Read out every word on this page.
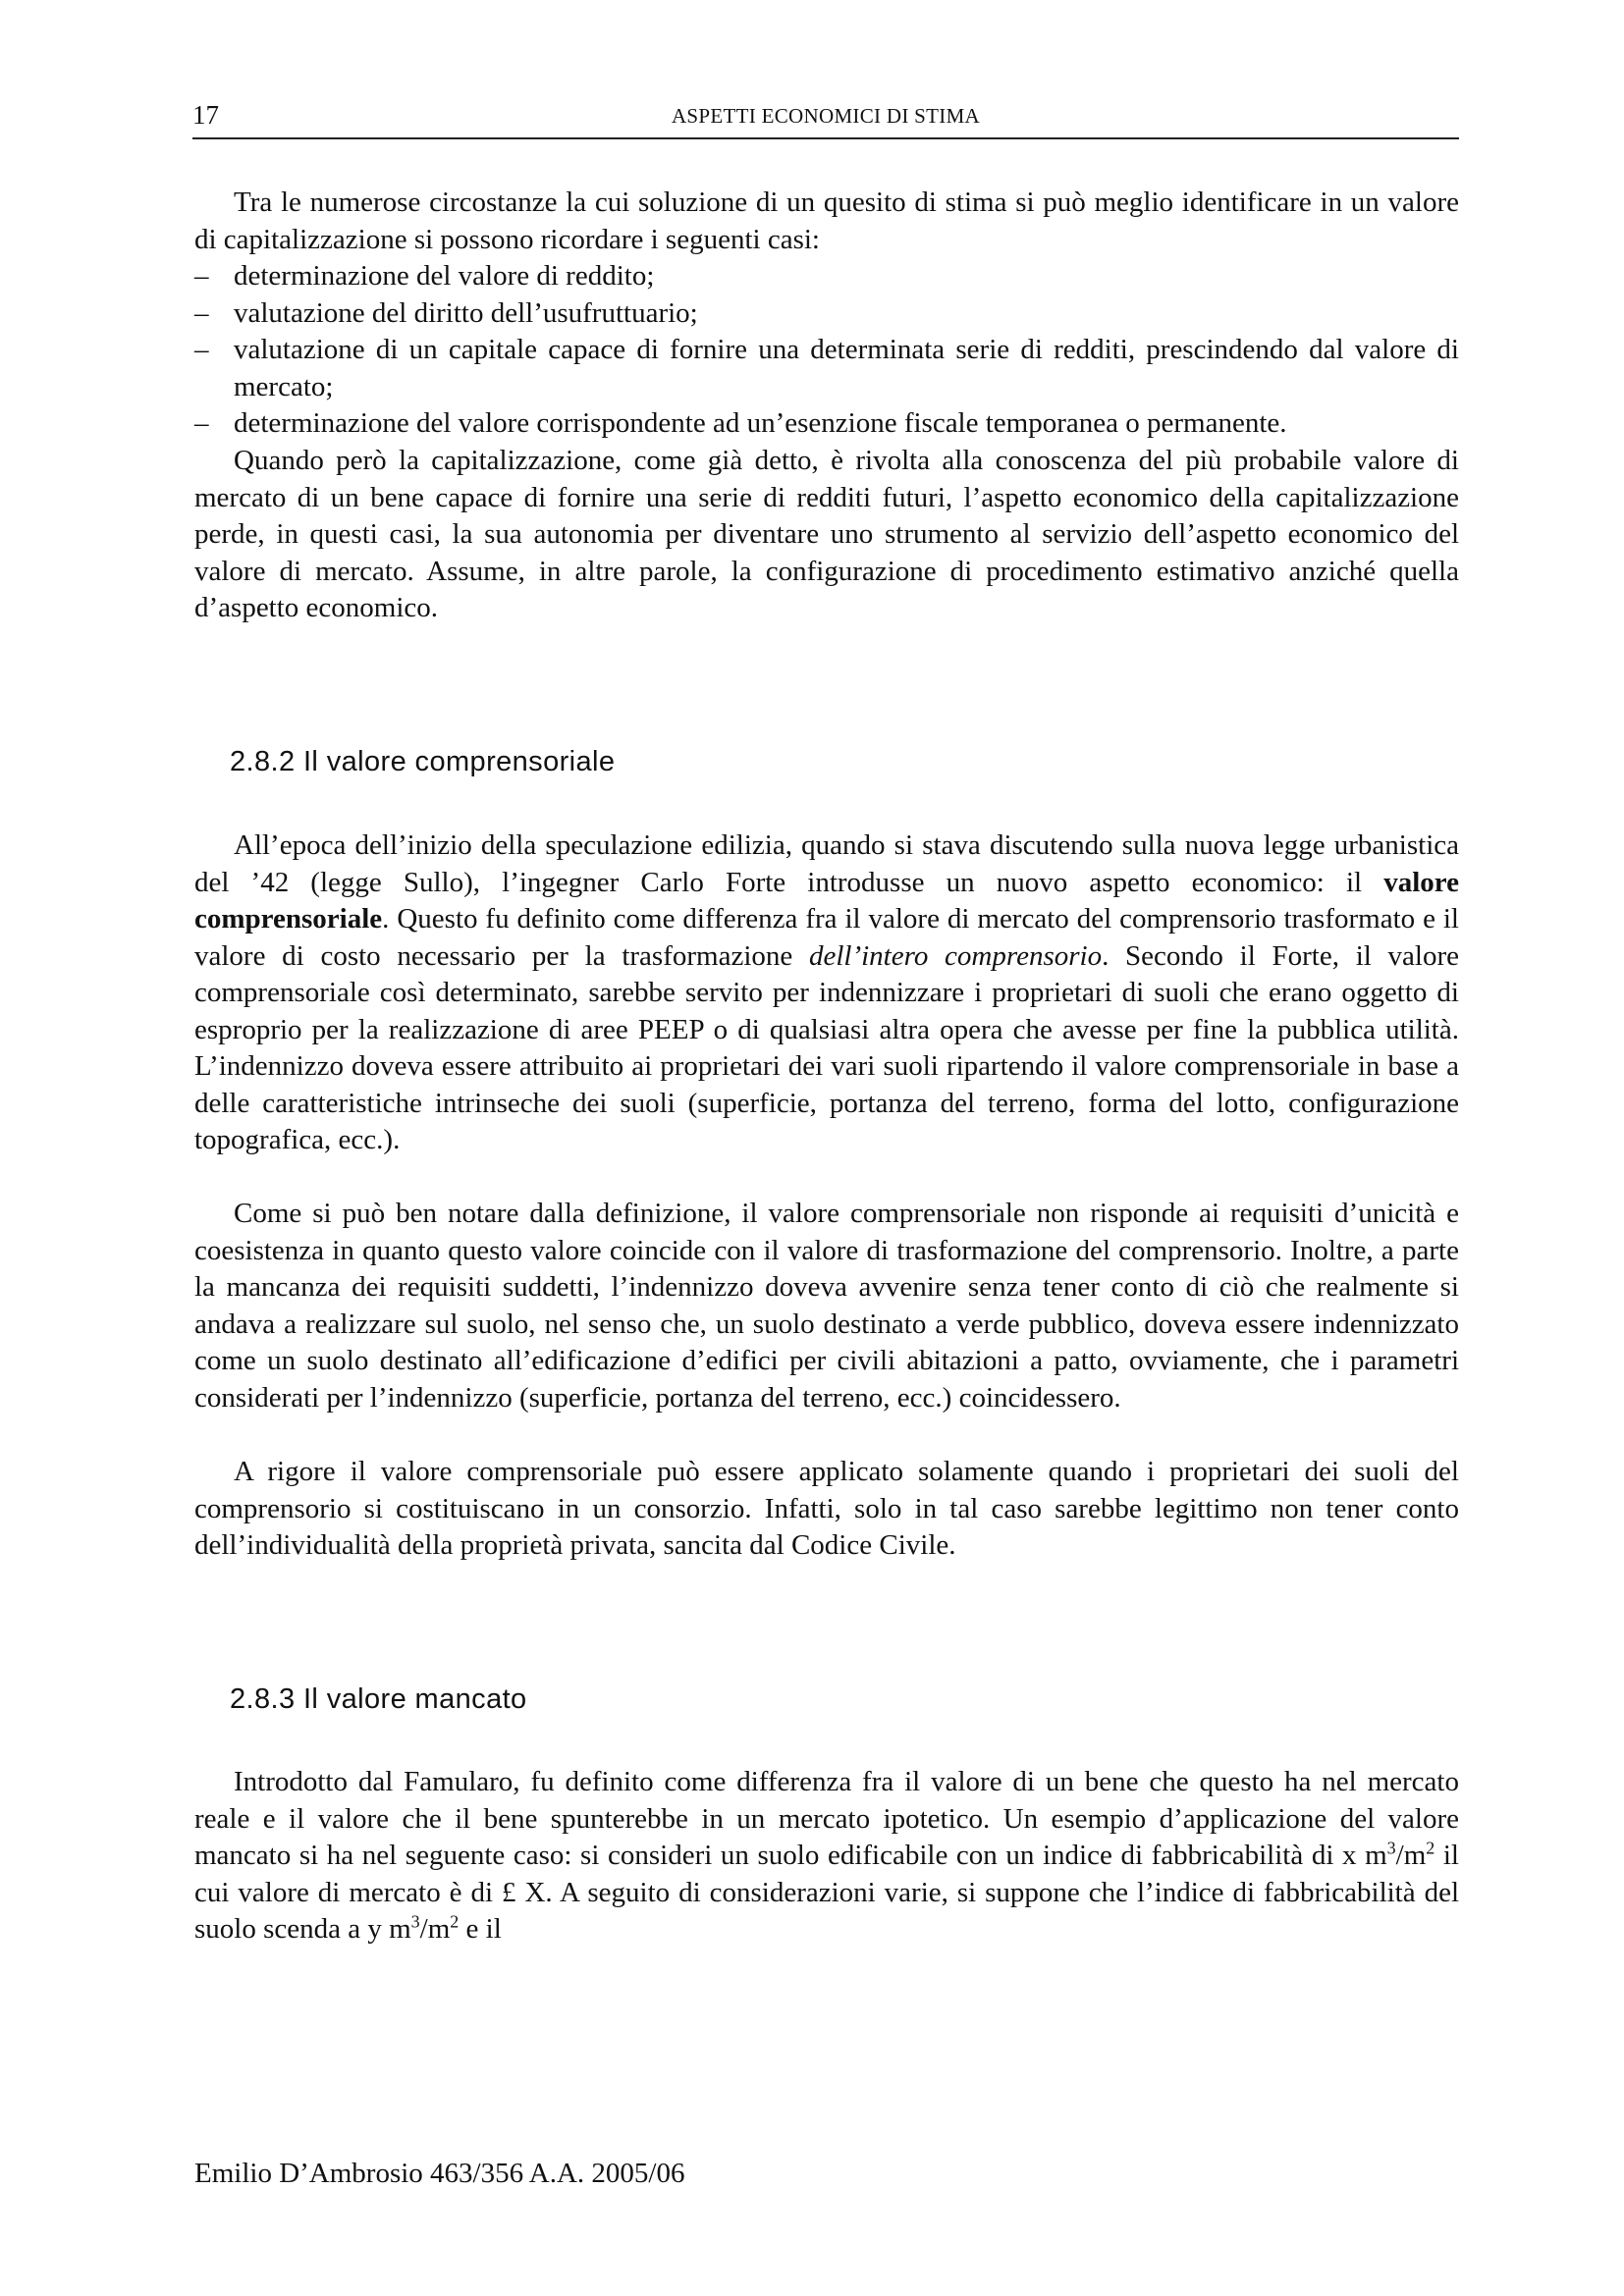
17	ASPETTI ECONOMICI DI STIMA

Tra le numerose circostanze la cui soluzione di un quesito di stima si può meglio identificare in un valore di capitalizzazione si possono ricordare i seguenti casi:

– determinazione del valore di reddito;
– valutazione del diritto dell’usufruttuario;
– valutazione di un capitale capace di fornire una determinata serie di redditi, prescindendo dal valore di mercato;
– determinazione del valore corrispondente ad un’esenzione fiscale temporanea o permanente.

Quando però la capitalizzazione, come già detto, è rivolta alla conoscenza del più probabile valore di mercato di un bene capace di fornire una serie di redditi futuri, l’aspetto economico della capitalizzazione perde, in questi casi, la sua autonomia per diventare uno strumento al servizio dell’aspetto economico del valore di mercato. Assume, in altre parole, la configurazione di procedimento estimativo anziché quella d’aspetto economico.

2.8.2 Il valore comprensoriale

All’epoca dell’inizio della speculazione edilizia, quando si stava discutendo sulla nuova legge urbanistica del ’42 (legge Sullo), l’ingegner Carlo Forte introdusse un nuovo aspetto economico: il valore comprensoriale. Questo fu definito come differenza fra il valore di mercato del comprensorio trasformato e il valore di costo necessario per la trasformazione dell’intero comprensorio. Secondo il Forte, il valore comprensoriale così determinato, sarebbe servito per indennizzare i proprietari di suoli che erano oggetto di esproprio per la realizzazione di aree PEEP o di qualsiasi altra opera che avesse per fine la pubblica utilità. L’indennizzo doveva essere attribuito ai proprietari dei vari suoli ripartendo il valore comprensoriale in base a delle caratteristiche intrinseche dei suoli (superficie, portanza del terreno, forma del lotto, configurazione topografica, ecc.).

Come si può ben notare dalla definizione, il valore comprensoriale non risponde ai requisiti d’unicità e coesistenza in quanto questo valore coincide con il valore di trasformazione del comprensorio. Inoltre, a parte la mancanza dei requisiti suddetti, l’indennizzo doveva avvenire senza tener conto di ciò che realmente si andava a realizzare sul suolo, nel senso che, un suolo destinato a verde pubblico, doveva essere indennizzato come un suolo destinato all’edificazione d’edifici per civili abitazioni a patto, ovviamente, che i parametri considerati per l’indennizzo (superficie, portanza del terreno, ecc.) coincidessero.

A rigore il valore comprensoriale può essere applicato solamente quando i proprietari dei suoli del comprensorio si costituiscano in un consorzio. Infatti, solo in tal caso sarebbe legittimo non tener conto dell’individualità della proprietà privata, sancita dal Codice Civile.

2.8.3 Il valore mancato

Introdotto dal Famularo, fu definito come differenza fra il valore di un bene che questo ha nel mercato reale e il valore che il bene spunterebbe in un mercato ipotetico. Un esempio d’applicazione del valore mancato si ha nel seguente caso: si consideri un suolo edificabile con un indice di fabbricabilità di x $m^3/m^2$ il cui valore di mercato è di £ X. A seguito di considerazioni varie, si suppone che l’indice di fabbricabilità del suolo scenda a y $m^3/m^2$ e il

Emilio D’Ambrosio 463/356 A.A. 2005/06
